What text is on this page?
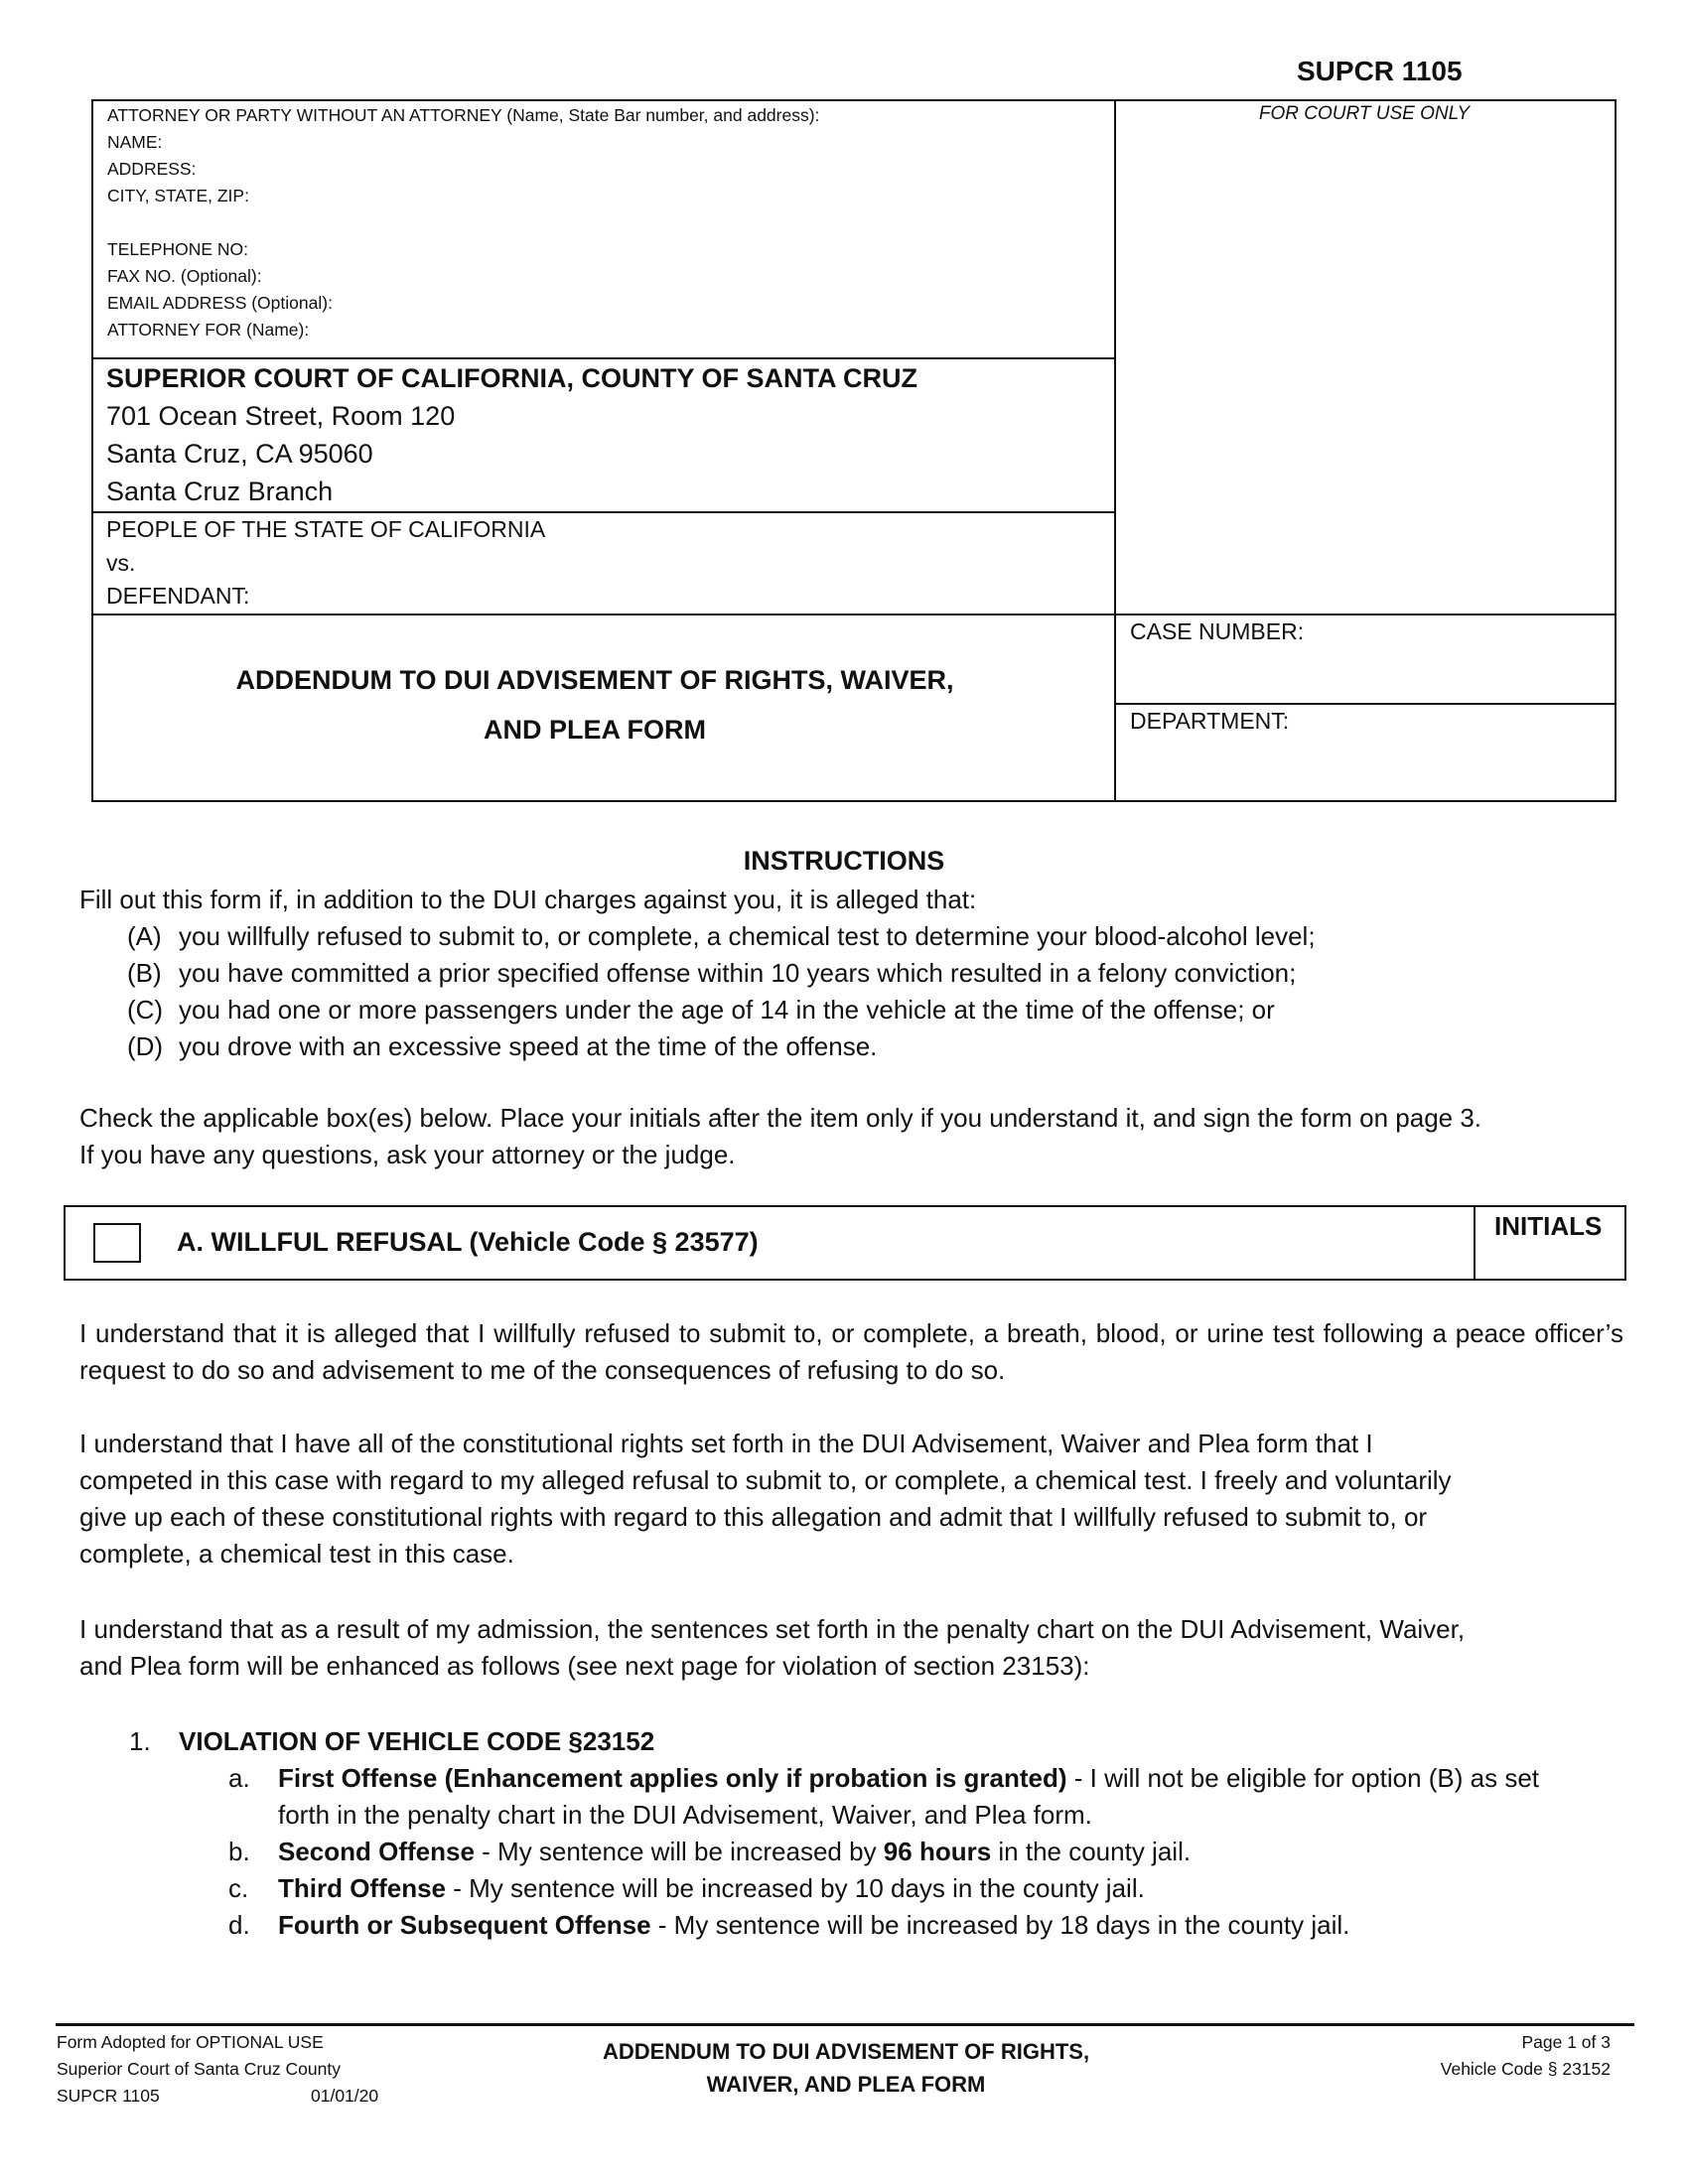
SUPCR 1105
ATTORNEY OR PARTY WITHOUT AN ATTORNEY (Name, State Bar number, and address):
NAME:
ADDRESS:
CITY, STATE, ZIP:
TELEPHONE NO:
FAX NO. (Optional):
EMAIL ADDRESS (Optional):
ATTORNEY FOR (Name):
FOR COURT USE ONLY
SUPERIOR COURT OF CALIFORNIA, COUNTY OF SANTA CRUZ
701 Ocean Street, Room 120
Santa Cruz, CA 95060
Santa Cruz Branch
PEOPLE OF THE STATE OF CALIFORNIA
vs.
DEFENDANT:
ADDENDUM TO DUI ADVISEMENT OF RIGHTS, WAIVER,
AND PLEA FORM
CASE NUMBER:
DEPARTMENT:
INSTRUCTIONS
Fill out this form if, in addition to the DUI charges against you, it is alleged that:
(A) you willfully refused to submit to, or complete, a chemical test to determine your blood-alcohol level;
(B) you have committed a prior specified offense within 10 years which resulted in a felony conviction;
(C) you had one or more passengers under the age of 14 in the vehicle at the time of the offense; or
(D) you drove with an excessive speed at the time of the offense.
Check the applicable box(es) below. Place your initials after the item only if you understand it, and sign the form on page 3.
If you have any questions, ask your attorney or the judge.
A. WILLFUL REFUSAL (Vehicle Code § 23577)
INITIALS
I understand that it is alleged that I willfully refused to submit to, or complete, a breath, blood, or urine test following a peace officer’s request to do so and advisement to me of the consequences of refusing to do so.
I understand that I have all of the constitutional rights set forth in the DUI Advisement, Waiver and Plea form that I
competed in this case with regard to my alleged refusal to submit to, or complete, a chemical test. I freely and voluntarily
give up each of these constitutional rights with regard to this allegation and admit that I willfully refused to submit to, or
complete, a chemical test in this case.
I understand that as a result of my admission, the sentences set forth in the penalty chart on the DUI Advisement, Waiver,
and Plea form will be enhanced as follows (see next page for violation of section 23153):
1. VIOLATION OF VEHICLE CODE §23152
a. First Offense (Enhancement applies only if probation is granted) - I will not be eligible for option (B) as set
forth in the penalty chart in the DUI Advisement, Waiver, and Plea form.
b. Second Offense - My sentence will be increased by 96 hours in the county jail.
c. Third Offense - My sentence will be increased by 10 days in the county jail.
d. Fourth or Subsequent Offense - My sentence will be increased by 18 days in the county jail.
Form Adopted for OPTIONAL USE
Superior Court of Santa Cruz County
SUPCR 1105	01/01/20
ADDENDUM TO DUI ADVISEMENT OF RIGHTS,
WAIVER, AND PLEA FORM
Page 1 of 3
Vehicle Code § 23152
